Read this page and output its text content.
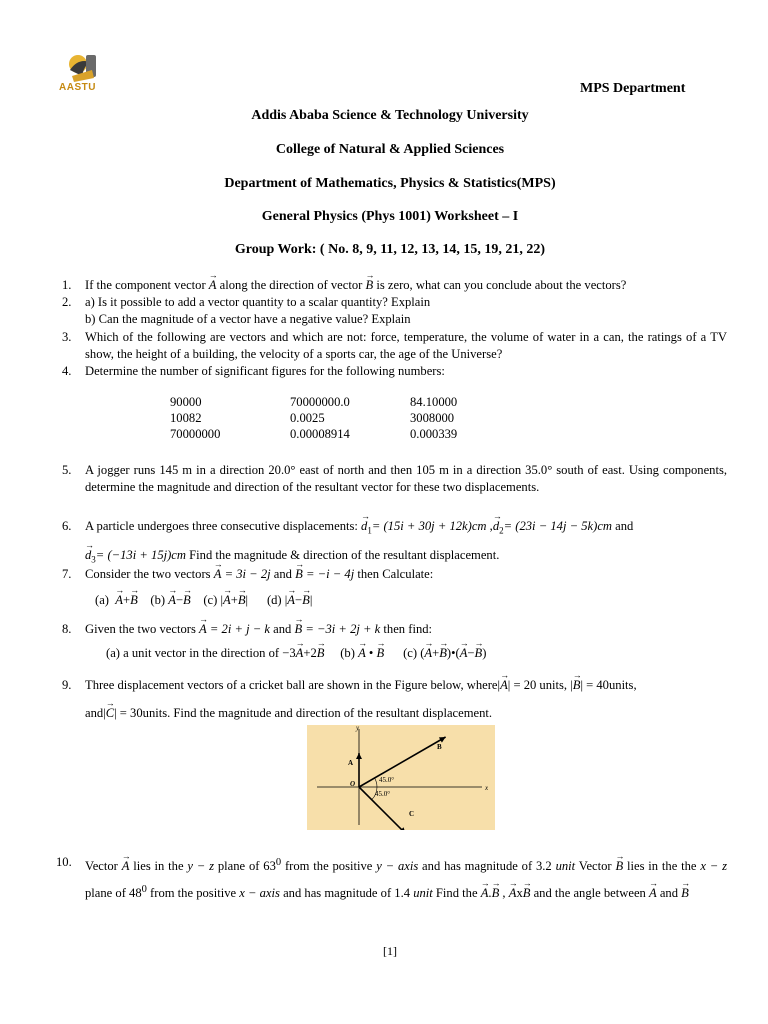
AASTU	MPS Department
Addis Ababa Science & Technology University
College of Natural & Applied Sciences
Department of Mathematics, Physics & Statistics(MPS)
General Physics (Phys 1001) Worksheet – I
Group Work: ( No. 8, 9, 11, 12, 13, 14, 15, 19, 21, 22)
1. If the component vector → A along the direction of vector → B is zero, what can you conclude about the vectors?
2. a) Is it possible to add a vector quantity to a scalar quantity? Explain
b) Can the magnitude of a vector have a negative value? Explain
3. Which of the following are vectors and which are not: force, temperature, the volume of water in a can, the ratings of a TV show, the height of a building, the velocity of a sports car, the age of the Universe?
4. Determine the number of significant figures for the following numbers:
90000	70000000.0	84.10000
10082	0.0025	3008000
70000000	0.00008914	0.000339
5. A jogger runs 145 m in a direction 20.0° east of north and then 105 m in a direction 35.0° south of east. Using components, determine the magnitude and direction of the resultant vector for these two displacements.
6. A particle undergoes three consecutive displacements: → $d_1= (15i + 30j + 12k)cm$ ,→ $d_2= (23i - 14j - 5k)cm$ and
→ $d_3= (-13i + 15j)cm$ Find the magnitude & direction of the resultant displacement.
7. Consider the two vectors → A = 3i − 2j and → B = −i − 4j then Calculate:
(a) → A+→ B (b) → A−→ B (c) |→ A+→ B|      (d) |→ A−→ B|
8. Given the two vectors → A = 2i + j − k and → B = −3i + 2j + k then find:
(a) a unit vector in the direction of −3→ A+2→ B (b) → A • → B (c) (→ A+→ B)•(→ A−→ B)
9. Three displacement vectors of a cricket ball are shown in the Figure below, where|→ A| = 20 units, |→ B| = 40units,
and|→ C| = 30units. Find the magnitude and direction of the resultant displacement.
x
y
45.0°
45.0°
O
A
B
C
10. Vector → A lies in the y − z plane of $63^0$ from the positive y − axis and has magnitude of 3.2 unit Vector → B lies in the the x − z plane of $48^0$ from the positive x − axis and has magnitude of 1.4 unit Find the → A.→ B , → Ax→ B and the angle between → A and → B
[1]
